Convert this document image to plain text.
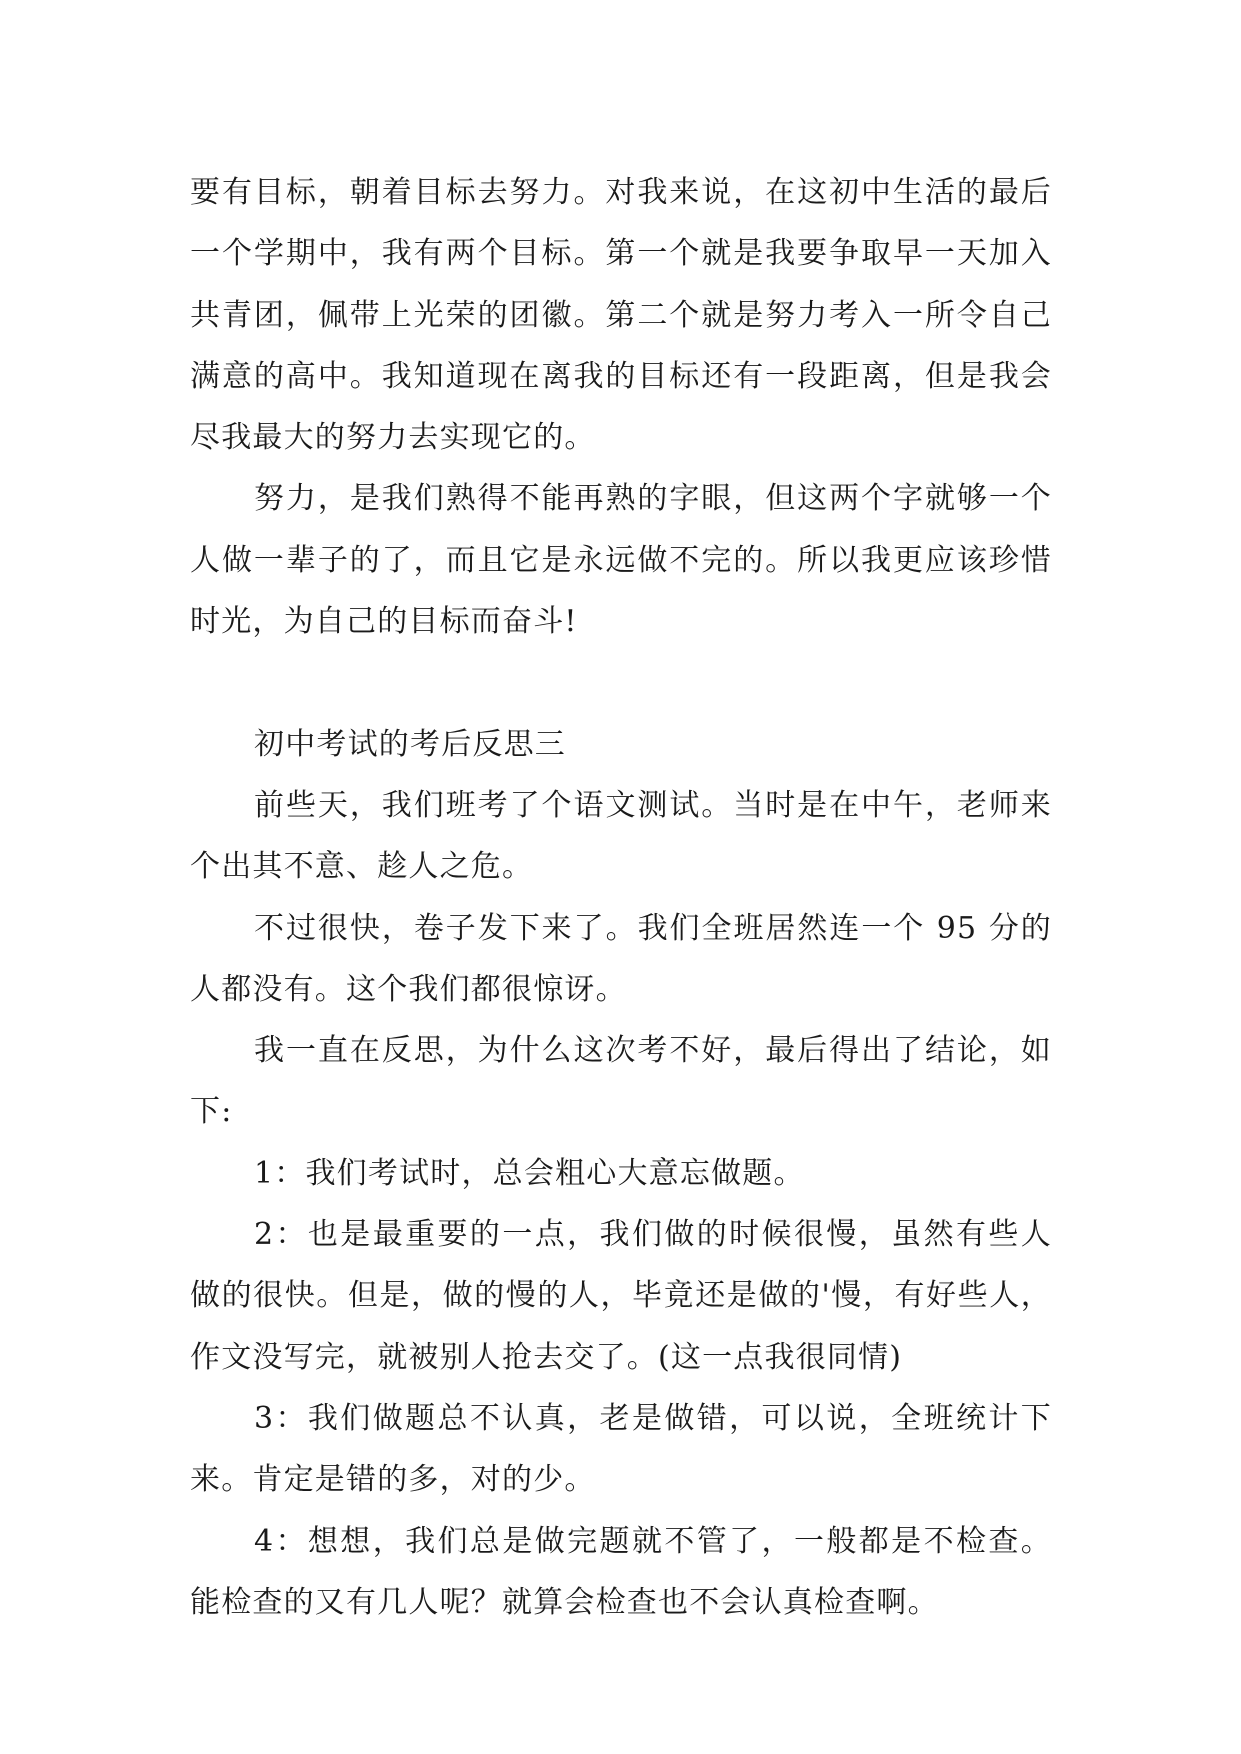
要有目标，朝着目标去努力。对我来说，在这初中生活的最后一个学期中，我有两个目标。第一个就是我要争取早一天加入共青团，佩带上光荣的团徽。第二个就是努力考入一所令自己满意的高中。我知道现在离我的目标还有一段距离，但是我会尽我最大的努力去实现它的。

努力，是我们熟得不能再熟的字眼，但这两个字就够一个人做一辈子的了，而且它是永远做不完的。所以我更应该珍惜时光，为自己的目标而奋斗!

初中考试的考后反思三

前些天，我们班考了个语文测试。当时是在中午，老师来个出其不意、趁人之危。

不过很快，卷子发下来了。我们全班居然连一个 95 分的人都没有。这个我们都很惊讶。

我一直在反思，为什么这次考不好，最后得出了结论，如下:

1：我们考试时，总会粗心大意忘做题。

2：也是最重要的一点，我们做的时候很慢，虽然有些人做的很快。但是，做的慢的人，毕竟还是做的'慢，有好些人，作文没写完，就被别人抢去交了。(这一点我很同情)

3：我们做题总不认真，老是做错，可以说，全班统计下来。肯定是错的多，对的少。

4：想想，我们总是做完题就不管了，一般都是不检查。能检查的又有几人呢？就算会检查也不会认真检查啊。
